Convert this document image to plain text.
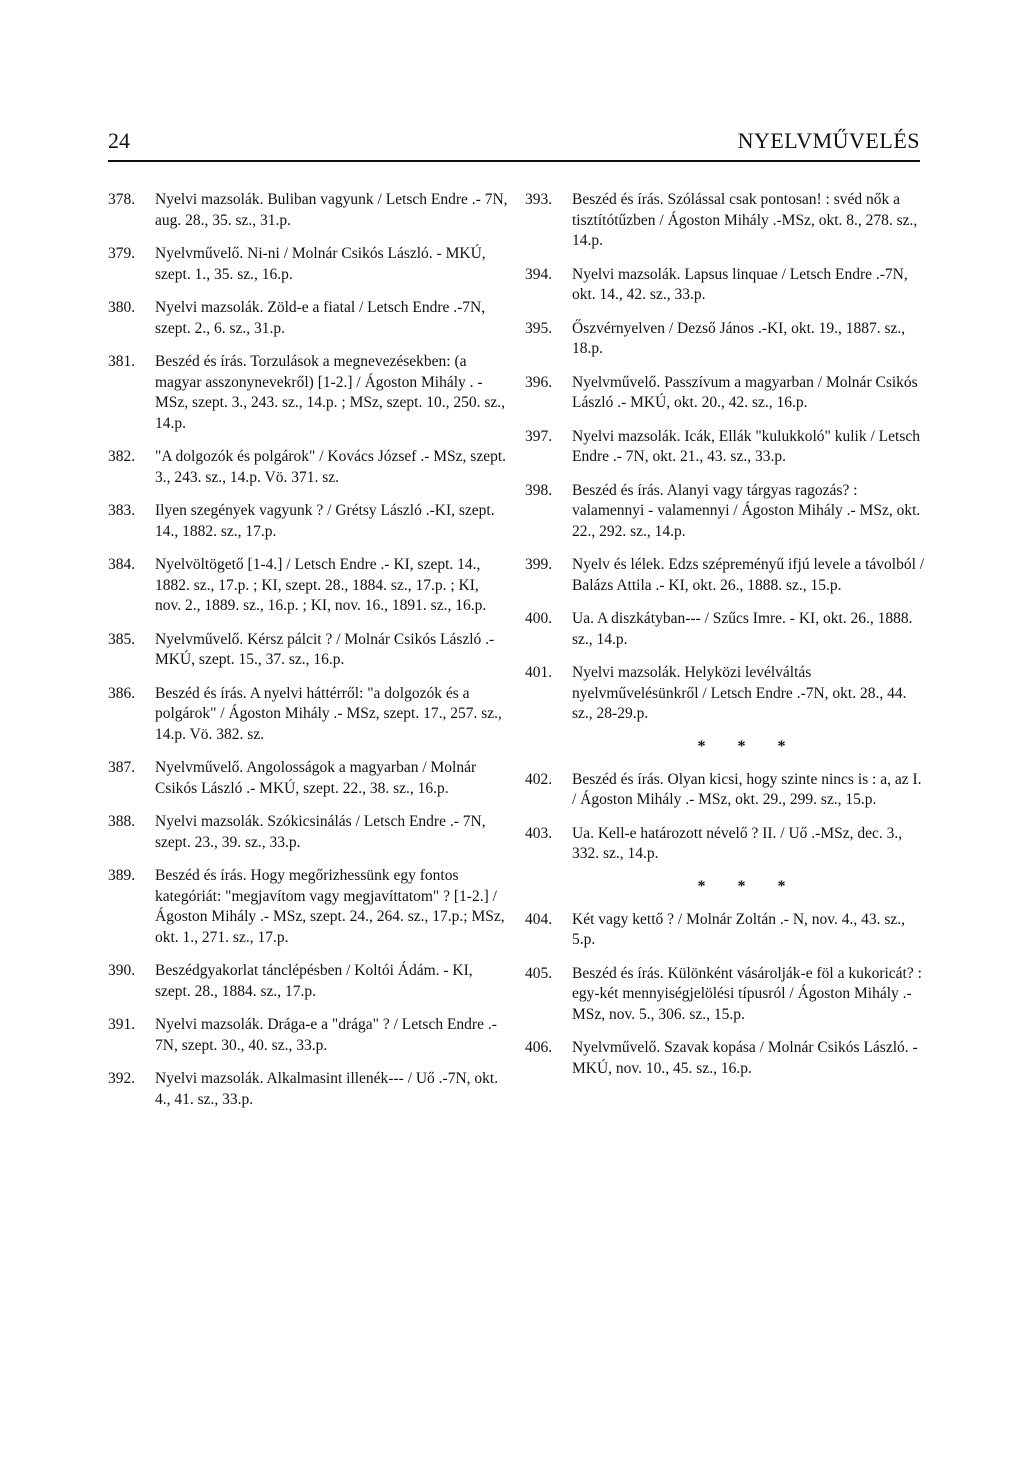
24	NYELVMŰVELÉS
378. Nyelvi mazsolák. Buliban vagyunk / Letsch Endre .- 7N, aug. 28., 35. sz., 31.p.
379. Nyelvművelő. Ni-ni / Molnár Csikós László. - MKÚ, szept. 1., 35. sz., 16.p.
380. Nyelvi mazsolák. Zöld-e a fiatal / Letsch Endre .-7N, szept. 2., 6. sz., 31.p.
381. Beszéd és írás. Torzulások a megnevezésekben: (a magyar asszonynevekről) [1-2.] / Ágoston Mihály . - MSz, szept. 3., 243. sz., 14.p. ; MSz, szept. 10., 250. sz., 14.p.
382. "A dolgozók és polgárok" / Kovács József .- MSz, szept. 3., 243. sz., 14.p. Vö. 371. sz.
383. Ilyen szegények vagyunk ? / Grétsy László .-KI, szept. 14., 1882. sz., 17.p.
384. Nyelvöltögető [1-4.] / Letsch Endre .- KI, szept. 14., 1882. sz., 17.p. ; KI, szept. 28., 1884. sz., 17.p. ; KI, nov. 2., 1889. sz., 16.p. ; KI, nov. 16., 1891. sz., 16.p.
385. Nyelvművelő. Kérsz pálcit ? / Molnár Csikós László .-MKÚ, szept. 15., 37. sz., 16.p.
386. Beszéd és írás. A nyelvi háttérről: "a dolgozók és a polgárok" / Ágoston Mihály .- MSz, szept. 17., 257. sz., 14.p. Vö. 382. sz.
387. Nyelvművelő. Angolosságok a magyarban / Molnár Csikós László .- MKÚ, szept. 22., 38. sz., 16.p.
388. Nyelvi mazsolák. Szókicsinálás / Letsch Endre .- 7N, szept. 23., 39. sz., 33.p.
389. Beszéd és írás. Hogy megőrizhessünk egy fontos kategóriát: "megjavítom vagy megjavíttatom" ? [1-2.] / Ágoston Mihály .- MSz, szept. 24., 264. sz., 17.p.; MSz, okt. 1., 271. sz., 17.p.
390. Beszédgyakorlat tánclépésben / Koltói Ádám. - KI, szept. 28., 1884. sz., 17.p.
391. Nyelvi mazsolák. Drága-e a "drága" ? / Letsch Endre .- 7N, szept. 30., 40. sz., 33.p.
392. Nyelvi mazsolák. Alkalmasint illenék--- / Uő .-7N, okt. 4., 41. sz., 33.p.
393. Beszéd és írás. Szólással csak pontosan! : svéd nők a tisztítótűzben / Ágoston Mihály .-MSz, okt. 8., 278. sz., 14.p.
394. Nyelvi mazsolák. Lapsus linquae / Letsch Endre .-7N, okt. 14., 42. sz., 33.p.
395. Őszvérnyelven / Dezső János .-KI, okt. 19., 1887. sz., 18.p.
396. Nyelvművelő. Passzívum a magyarban / Molnár Csikós László .- MKÚ, okt. 20., 42. sz., 16.p.
397. Nyelvi mazsolák. Icák, Ellák "kulukkoló" kulik / Letsch Endre .- 7N, okt. 21., 43. sz., 33.p.
398. Beszéd és írás. Alanyi vagy tárgyas ragozás? : valamennyi - valamennyi / Ágoston Mihály .- MSz, okt. 22., 292. sz., 14.p.
399. Nyelv és lélek. Edzs szépreményű ifjú levele a távolból / Balázs Attila .- KI, okt. 26., 1888. sz., 15.p.
400. Ua. A diszkátyban--- / Szűcs Imre. - KI, okt. 26., 1888. sz., 14.p.
401. Nyelvi mazsolák. Helyközi levélváltás nyelvművelésünkről / Letsch Endre .-7N, okt. 28., 44. sz., 28-29.p.
* * *
402. Beszéd és írás. Olyan kicsi, hogy szinte nincs is : a, az I. / Ágoston Mihály .- MSz, okt. 29., 299. sz., 15.p.
403. Ua. Kell-e határozott névelő ? II. / Uő .-MSz, dec. 3., 332. sz., 14.p.
* * *
404. Két vagy kettő ? / Molnár Zoltán .- N, nov. 4., 43. sz., 5.p.
405. Beszéd és írás. Különként vásárolják-e föl a kukoricát? : egy-két mennyiségjelölési típusról / Ágoston Mihály .- MSz, nov. 5., 306. sz., 15.p.
406. Nyelvművelő. Szavak kopása / Molnár Csikós László. - MKÚ, nov. 10., 45. sz., 16.p.
